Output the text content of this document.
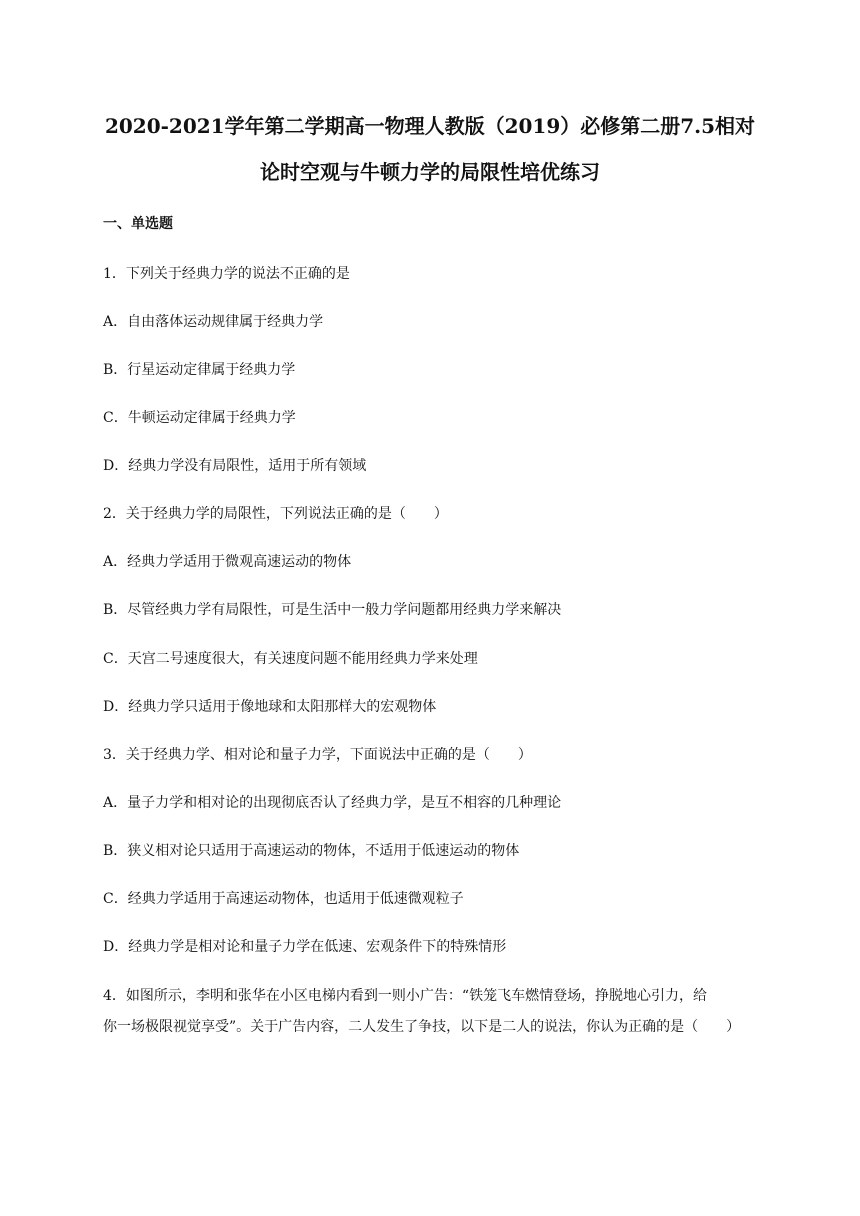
2020-2021学年第二学期高一物理人教版（2019）必修第二册7.5相对
论时空观与牛顿力学的局限性培优练习
一、单选题
1．下列关于经典力学的说法不正确的是
A．自由落体运动规律属于经典力学
B．行星运动定律属于经典力学
C．牛顿运动定律属于经典力学
D．经典力学没有局限性，适用于所有领域
2．关于经典力学的局限性，下列说法正确的是（　　）
A．经典力学适用于微观高速运动的物体
B．尽管经典力学有局限性，可是生活中一般力学问题都用经典力学来解决
C．天宫二号速度很大，有关速度问题不能用经典力学来处理
D．经典力学只适用于像地球和太阳那样大的宏观物体
3．关于经典力学、相对论和量子力学，下面说法中正确的是（　　）
A．量子力学和相对论的出现彻底否认了经典力学，是互不相容的几种理论
B．狭义相对论只适用于高速运动的物体，不适用于低速运动的物体
C．经典力学适用于高速运动物体，也适用于低速微观粒子
D．经典力学是相对论和量子力学在低速、宏观条件下的特殊情形
4．如图所示，李明和张华在小区电梯内看到一则小广告：“铁笼飞车燃情登场，挣脱地心引力，给
你一场极限视觉享受”。关于广告内容，二人发生了争技，以下是二人的说法，你认为正确的是（　　）
